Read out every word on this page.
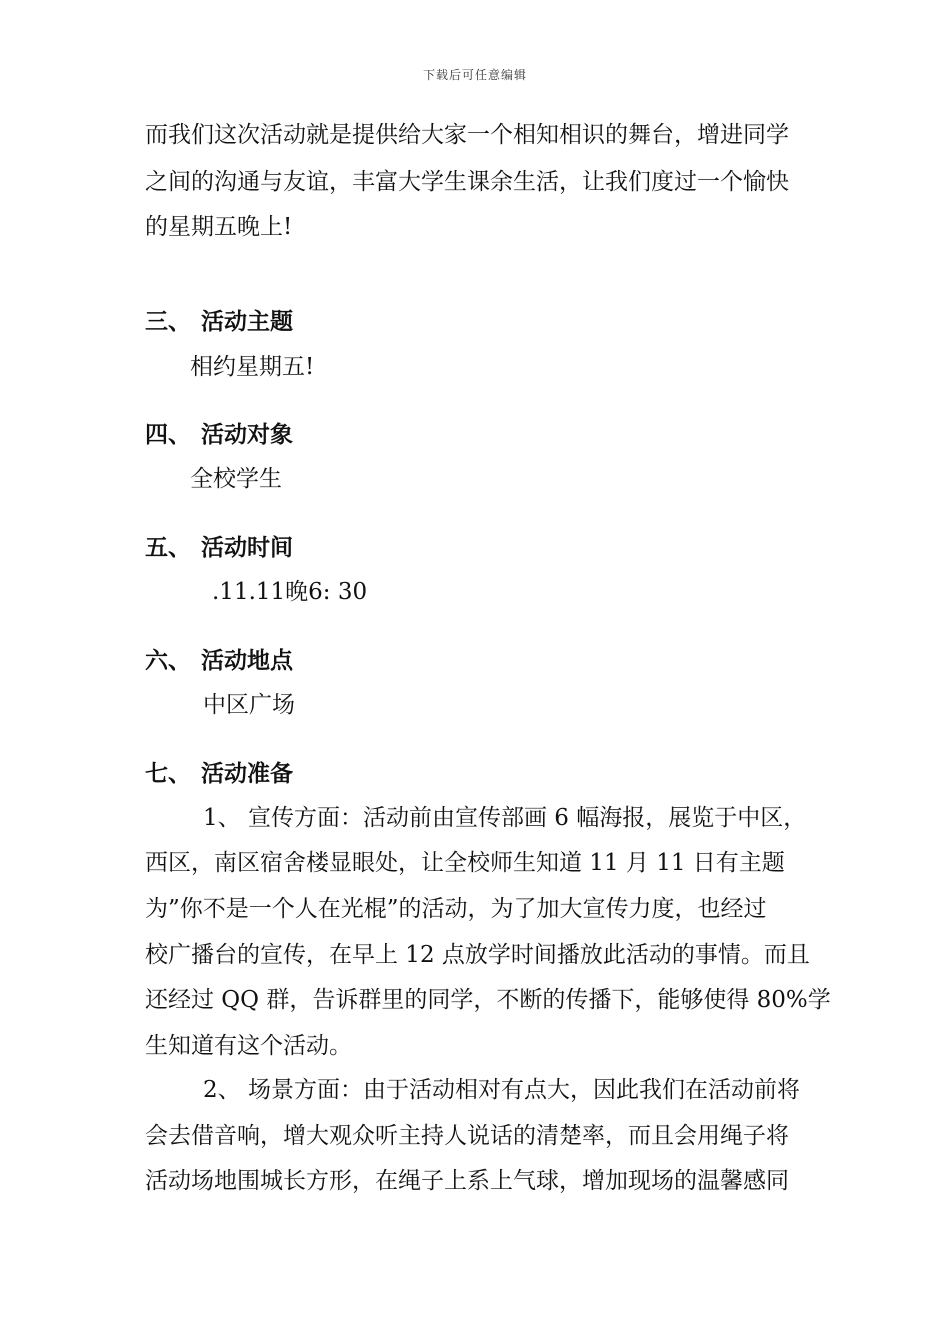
下载后可任意编辑
而我们这次活动就是提供给大家一个相知相识的舞台，增进同学
之间的沟通与友谊，丰富大学生课余生活，让我们度过一个愉快
的星期五晚上!
三、 活动主题
相约星期五!
四、 活动对象
全校学生
五、 活动时间
.11.11晚6: 30
六、 活动地点
中区广场
七、 活动准备
1、 宣传方面：活动前由宣传部画 6 幅海报，展览于中区，
西区，南区宿舍楼显眼处，让全校师生知道 11 月 11 日有主题
为”你不是一个人在光棍”的活动，为了加大宣传力度，也经过
校广播台的宣传，在早上 12 点放学时间播放此活动的事情。而且
还经过 QQ 群，告诉群里的同学，不断的传播下，能够使得 80%学
生知道有这个活动。
2、 场景方面：由于活动相对有点大，因此我们在活动前将
会去借音响，增大观众听主持人说话的清楚率，而且会用绳子将
活动场地围城长方形，在绳子上系上气球，增加现场的温馨感同
